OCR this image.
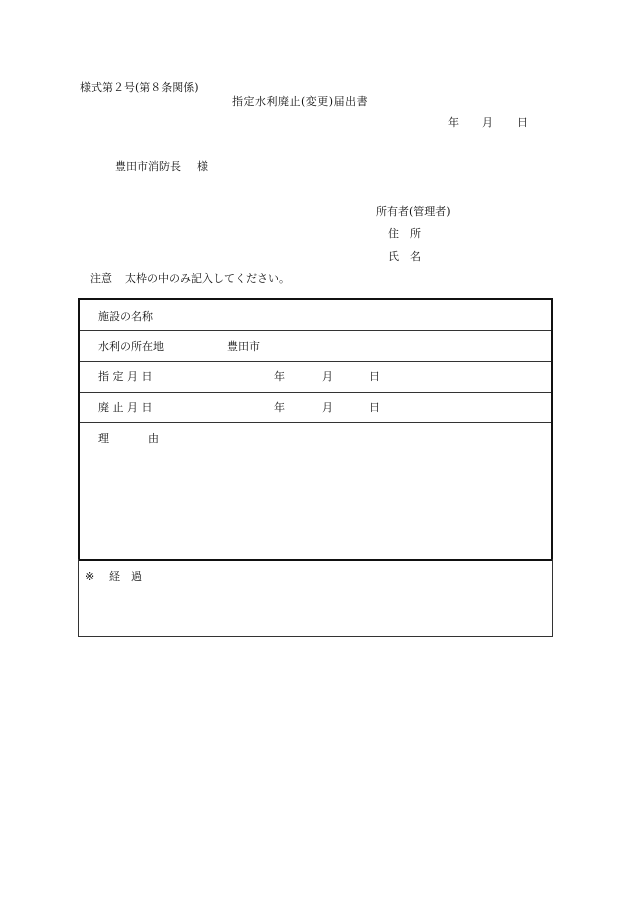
様式第２号(第８条関係)
指定水利廃止(変更)届出書
年 月 日
豊田市消防長 様
所有者(管理者)
住　所
氏　名
注意 太枠の中のみ記入してください。
施設の名称
水利の所在地	豊田市
指 定 月 日	年	月	日
廃 止 月 日	年	月	日
理	由
※ 経　過
